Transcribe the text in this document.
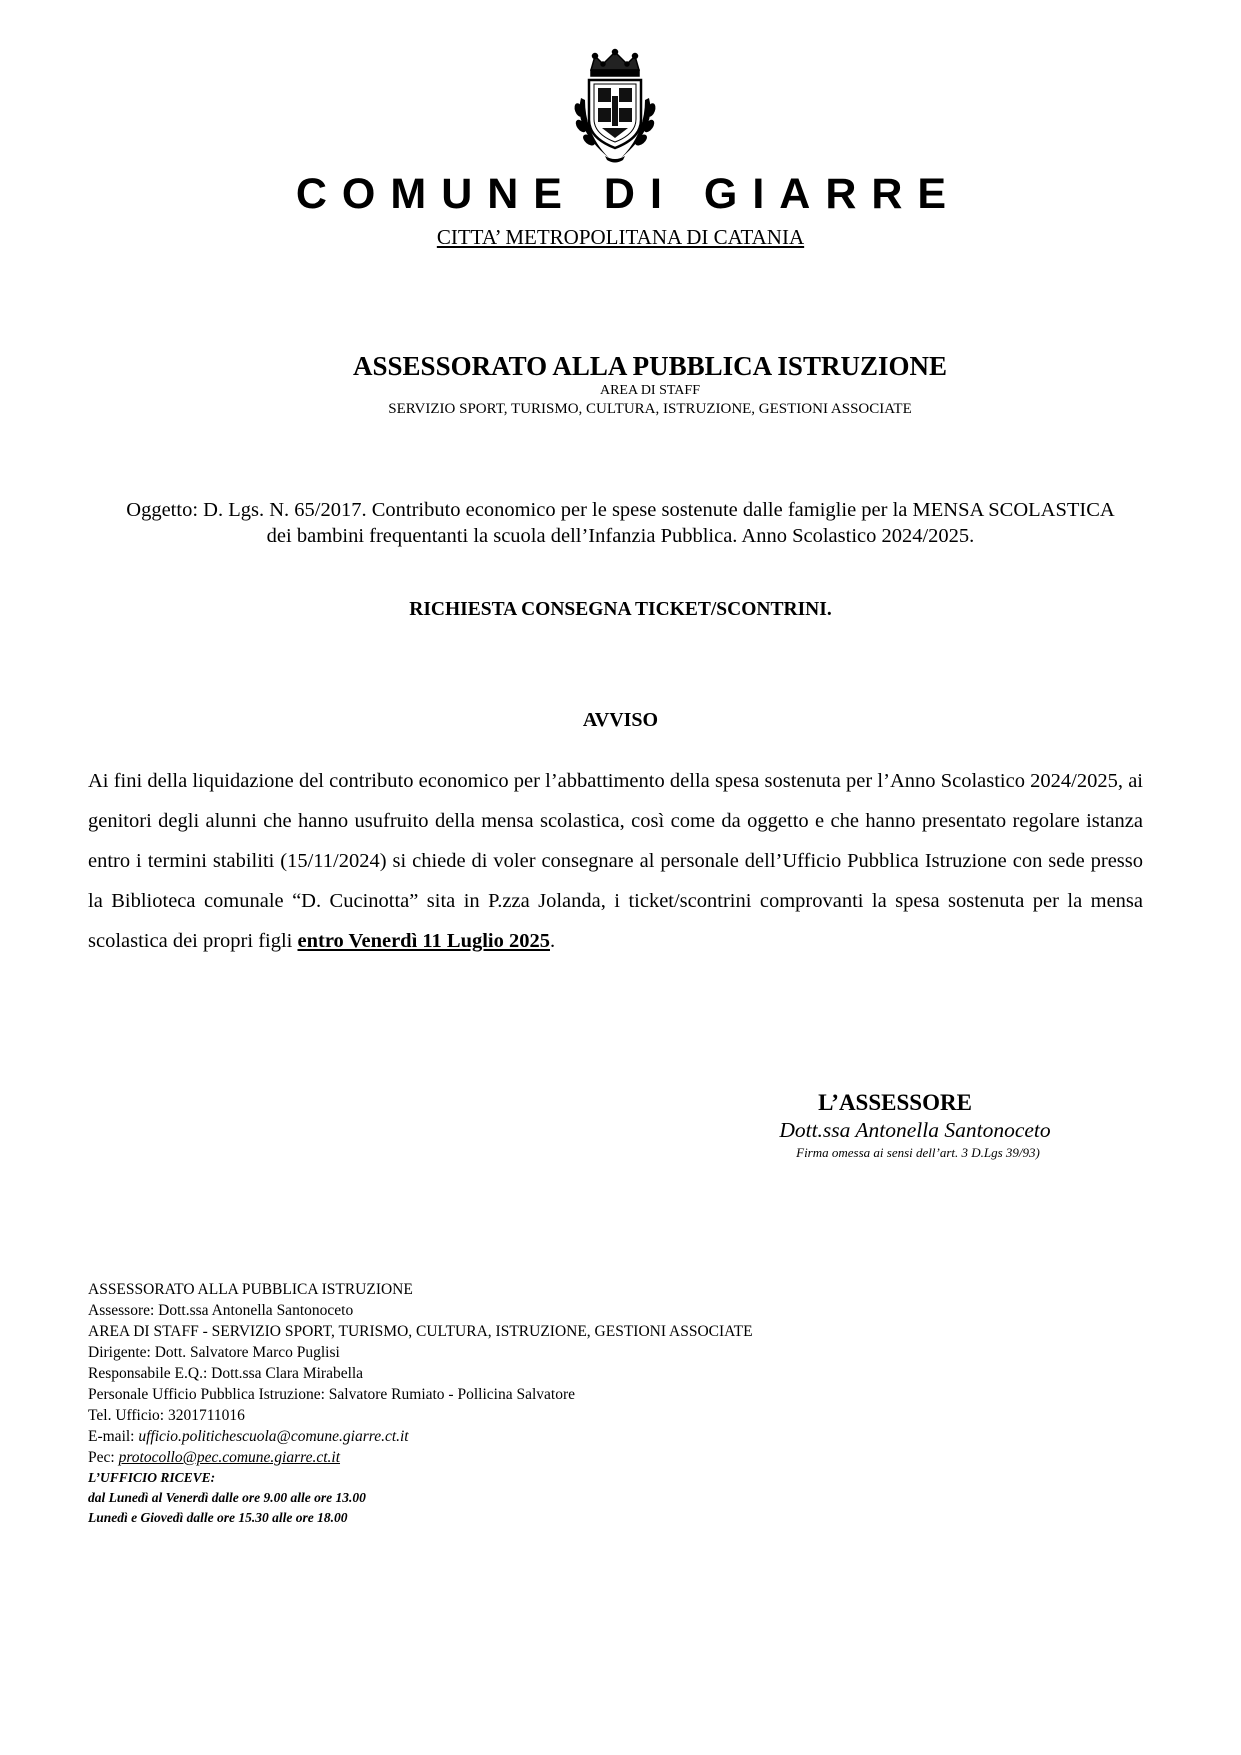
COMUNE DI GIARRE
CITTA’ METROPOLITANA DI CATANIA
ASSESSORATO ALLA PUBBLICA ISTRUZIONE
AREA DI STAFF
SERVIZIO SPORT, TURISMO, CULTURA, ISTRUZIONE, GESTIONI ASSOCIATE
Oggetto: D. Lgs. N. 65/2017. Contributo economico per le spese sostenute dalle famiglie per la MENSA SCOLASTICA dei bambini frequentanti la scuola dell’Infanzia Pubblica. Anno Scolastico 2024/2025.
RICHIESTA CONSEGNA TICKET/SCONTRINI.
AVVISO
Ai fini della liquidazione del contributo economico per l’abbattimento della spesa sostenuta per l’Anno Scolastico 2024/2025, ai genitori degli alunni che hanno usufruito della mensa scolastica, così come da oggetto e che hanno presentato regolare istanza entro i termini stabiliti (15/11/2024) si chiede di voler consegnare al personale dell’Ufficio Pubblica Istruzione con sede presso la Biblioteca comunale “D. Cucinotta” sita in P.zza Jolanda, i ticket/scontrini comprovanti la spesa sostenuta per la mensa scolastica dei propri figli entro Venerdì 11 Luglio 2025.
L’ASSESSORE
Dott.ssa Antonella Santonoceto
Firma omessa ai sensi dell’art. 3 D.Lgs 39/93)
ASSESSORATO ALLA PUBBLICA ISTRUZIONE
Assessore: Dott.ssa Antonella Santonoceto
AREA DI STAFF - SERVIZIO SPORT, TURISMO, CULTURA, ISTRUZIONE, GESTIONI ASSOCIATE
Dirigente: Dott. Salvatore Marco Puglisi
Responsabile E.Q.: Dott.ssa Clara Mirabella
Personale Ufficio Pubblica Istruzione: Salvatore Rumiato - Pollicina Salvatore
Tel. Ufficio: 3201711016
E-mail: ufficio.politichescuola@comune.giarre.ct.it
Pec: protocollo@pec.comune.giarre.ct.it
L’UFFICIO RICEVE:
dal Lunedì al Venerdì dalle ore 9.00 alle ore 13.00
Lunedì e Giovedì dalle ore 15.30 alle ore 18.00
